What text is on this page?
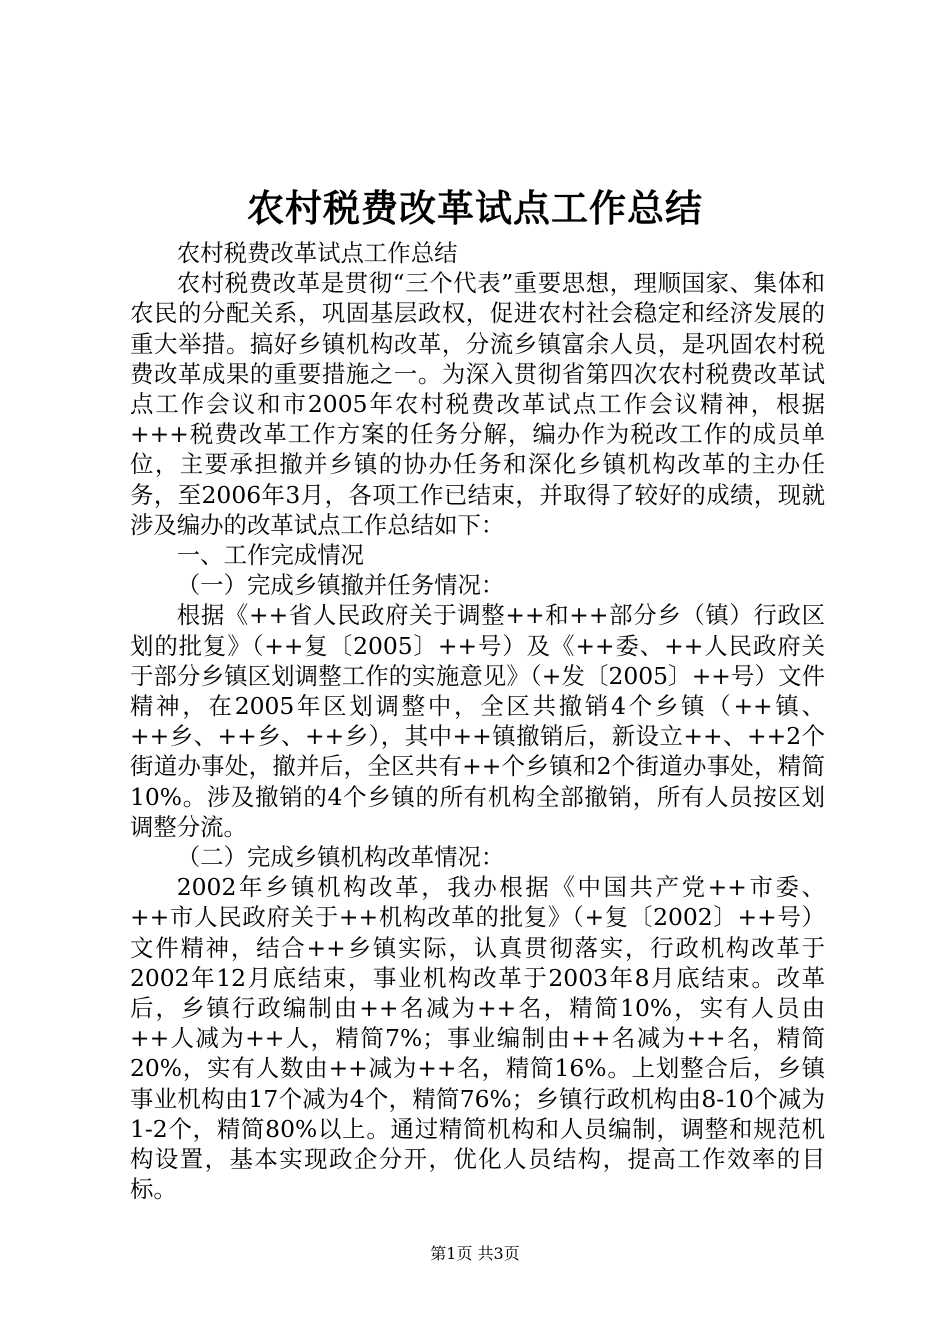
农村税费改革试点工作总结

农村税费改革试点工作总结

农村税费改革是贯彻“三个代表”重要思想，理顺国家、集体和农民的分配关系，巩固基层政权，促进农村社会稳定和经济发展的重大举措。搞好乡镇机构改革，分流乡镇富余人员，是巩固农村税费改革成果的重要措施之一。为深入贯彻省第四次农村税费改革试点工作会议和市2005年农村税费改革试点工作会议精神，根据+++税费改革工作方案的任务分解，编办作为税改工作的成员单位，主要承担撤并乡镇的协办任务和深化乡镇机构改革的主办任务，至2006年3月，各项工作已结束，并取得了较好的成绩，现就涉及编办的改革试点工作总结如下：

一、工作完成情况

（一）完成乡镇撤并任务情况：

根据《++省人民政府关于调整++和++部分乡（镇）行政区划的批复》（++复〔2005〕++号）及《++委、++人民政府关于部分乡镇区划调整工作的实施意见》（+发〔2005〕++号）文件精神，在2005年区划调整中，全区共撤销4个乡镇（++镇、++乡、++乡、++乡），其中++镇撤销后，新设立++、++2个街道办事处，撤并后，全区共有++个乡镇和2个街道办事处，精简10%。涉及撤销的4个乡镇的所有机构全部撤销，所有人员按区划调整分流。

（二）完成乡镇机构改革情况：

2002年乡镇机构改革，我办根据《中国共产党++市委、++市人民政府关于++机构改革的批复》（+复〔2002〕++号）文件精神，结合++乡镇实际，认真贯彻落实，行政机构改革于2002年12月底结束，事业机构改革于2003年8月底结束。改革后，乡镇行政编制由++名减为++名，精简10%，实有人员由++人减为++人，精简7%；事业编制由++名减为++名，精简20%，实有人数由++减为++名，精简16%。上划整合后，乡镇事业机构由17个减为4个，精简76%；乡镇行政机构由8-10个减为1-2个，精简80%以上。通过精简机构和人员编制，调整和规范机构设置，基本实现政企分开，优化人员结构，提高工作效率的目标。

第1页 共3页
